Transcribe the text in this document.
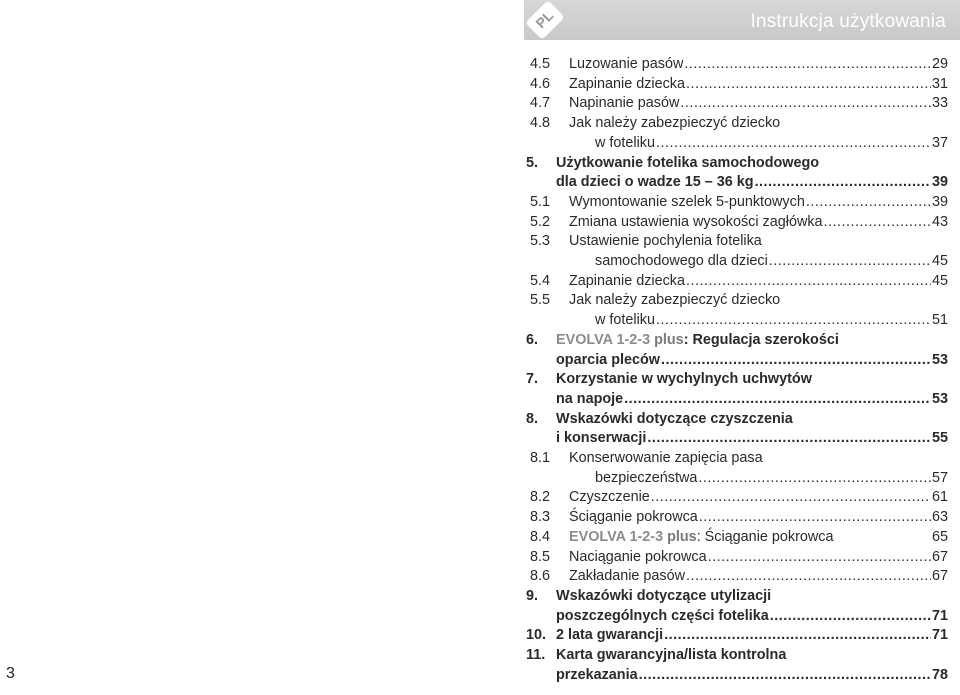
Instrukcja użytkowania
PL
4.5	Luzowanie pasów .....	29
4.6	Zapinanie dziecka .....	31
4.7	Napinanie pasów .....	33
4.8	Jak należy zabezpieczyć dziecko
w foteliku .....	37
5.	Użytkowanie fotelika samochodowego
dla dzieci o wadze 15 – 36 kg .....	39
5.1	Wymontowanie szelek 5-punktowych .....	39
5.2	Zmiana ustawienia wysokości zagłówka .....	43
5.3	Ustawienie pochylenia fotelika
samochodowego dla dzieci .....	45
5.4	Zapinanie dziecka .....	45
5.5	Jak należy zabezpieczyć dziecko
w foteliku .....	51
6.	EVOLVA 1-2-3 plus: Regulacja szerokości
oparcia pleców .....	53
7.	Korzystanie w wychylnych uchwytów
na napoje .....	53
8.	Wskazówki dotyczące czyszczenia
i konserwacji .....	55
8.1	Konserwowanie zapięcia pasa
bezpieczeństwa .....	57
8.2	Czyszczenie .....	61
8.3	Ściąganie pokrowca .....	63
8.4	EVOLVA 1-2-3 plus: Ściąganie pokrowca	65
8.5	Naciąganie pokrowca .....	67
8.6	Zakładanie pasów .....	67
9.	Wskazówki dotyczące utylizacji
poszczególnych części fotelika .....	71
10. 2 lata gwarancji .....	71
11. Karta gwarancyjna/lista kontrolna
przekazania .....	78
3
